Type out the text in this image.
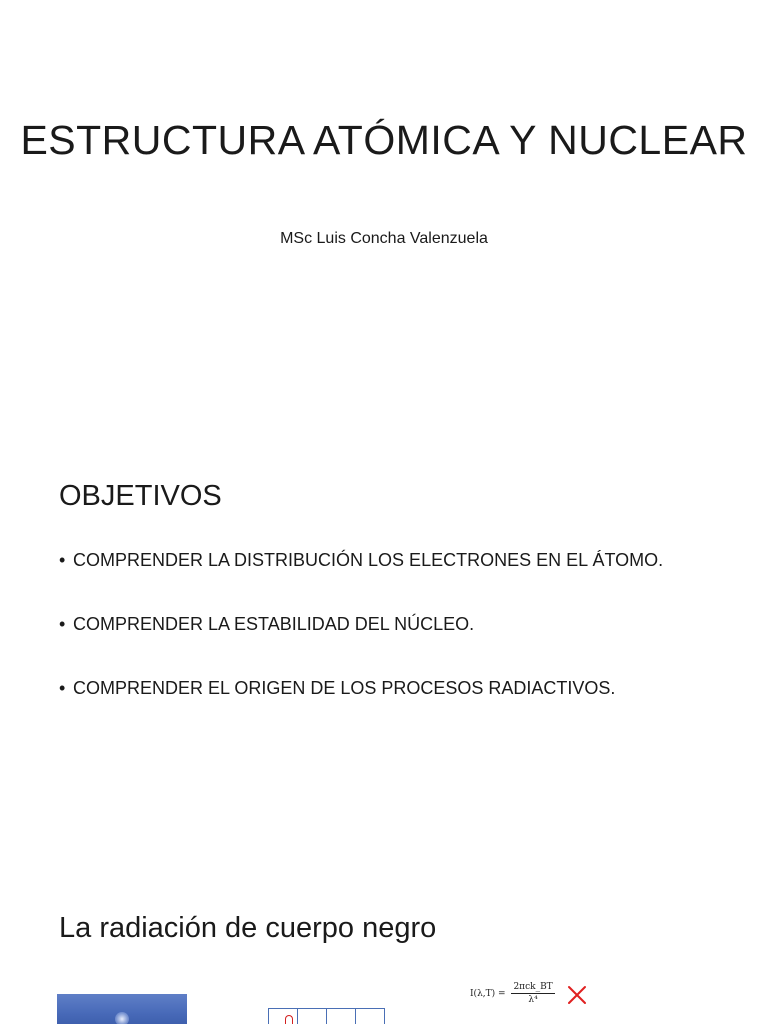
ESTRUCTURA ATÓMICA Y NUCLEAR

MSc Luis Concha Valenzuela

OBJETIVOS
• COMPRENDER LA DISTRIBUCIÓN LOS ELECTRONES EN EL ÁTOMO.
• COMPRENDER LA ESTABILIDAD DEL NÚCLEO.
• COMPRENDER EL ORIGEN DE LOS PROCESOS RADIACTIVOS.
La radiación de cuerpo negro

$I(\lambda,T) = \frac{\text{2πck\_BT}}{\text{λ⁴}}$
